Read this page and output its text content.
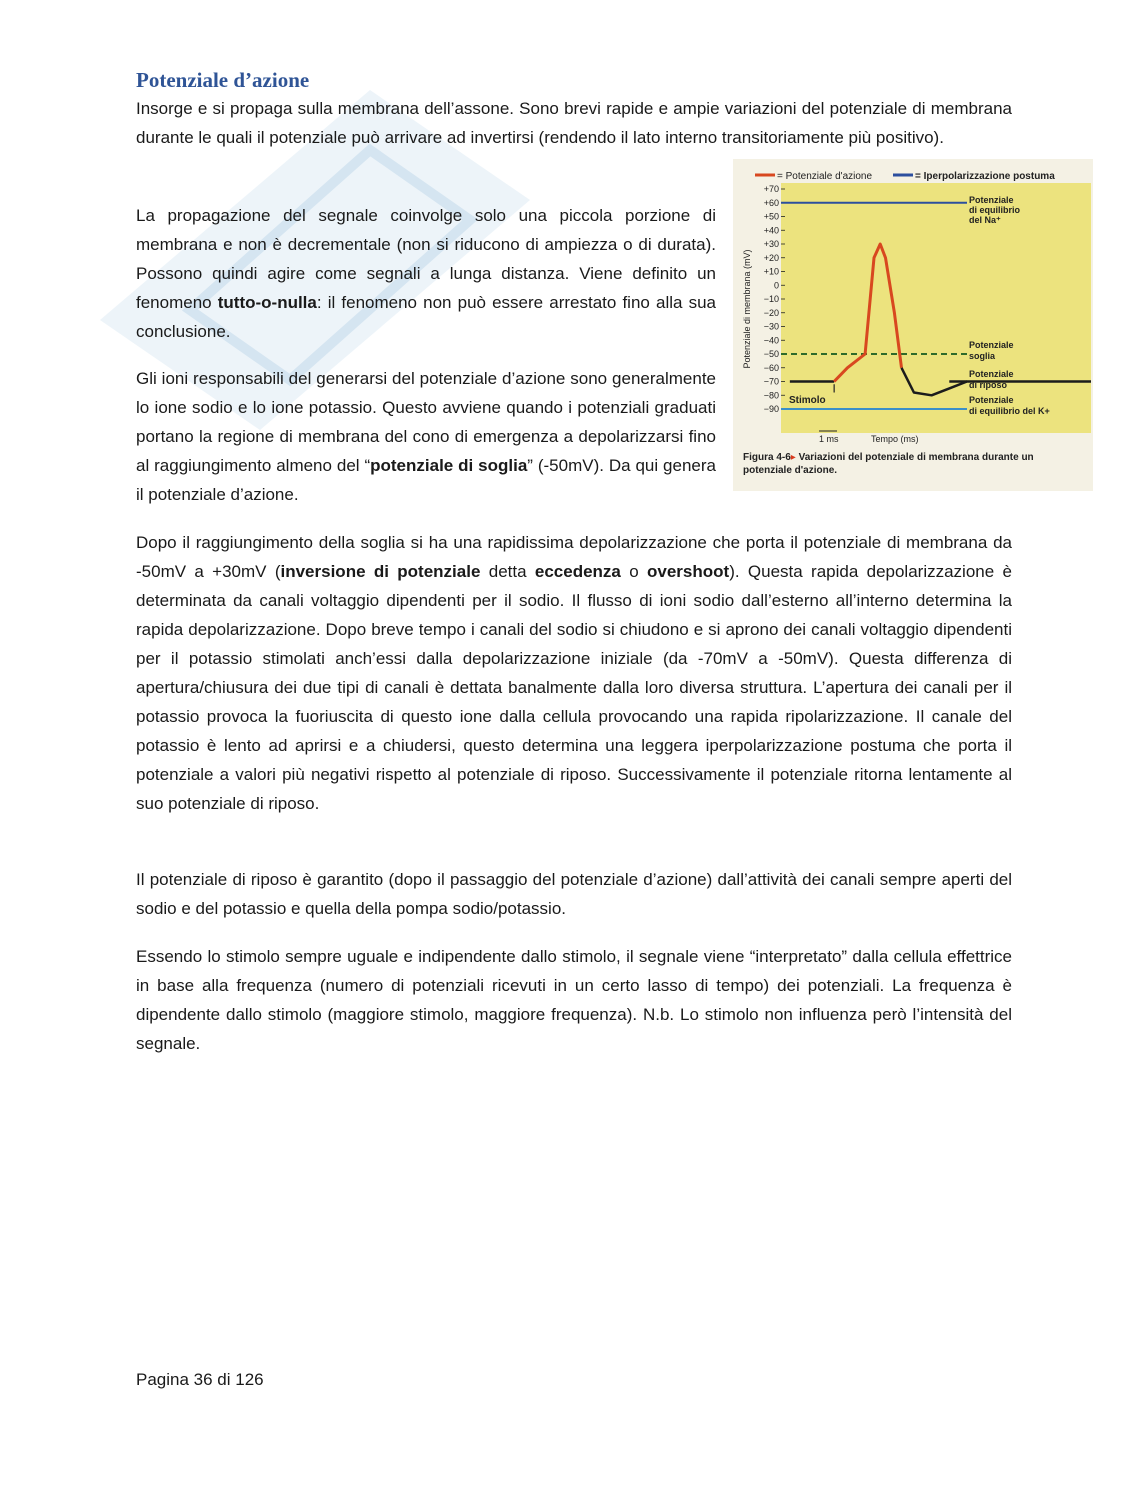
Potenziale d’azione

Insorge e si propaga sulla membrana dell’assone. Sono brevi rapide e ampie variazioni del potenziale di membrana durante le quali il potenziale può arrivare ad invertirsi (rendendo il lato interno transitoriamente più positivo).

La propagazione del segnale coinvolge solo una piccola porzione di membrana e non è decrementale (non si riducono di ampiezza o di durata). Possono quindi agire come segnali a lunga distanza. Viene definito un fenomeno tutto-o-nulla: il fenomeno non può essere arrestato fino alla sua conclusione.

Gli ioni responsabili del generarsi del potenziale d’azione sono generalmente lo ione sodio e lo ione potassio. Questo avviene quando i potenziali graduati portano la regione di membrana del cono di emergenza a depolarizzarsi fino al raggiungimento almeno del “potenziale di soglia” (-50mV). Da qui genera il potenziale d’azione.

Dopo il raggiungimento della soglia si ha una rapidissima depolarizzazione che porta il potenziale di membrana da -50mV a +30mV (inversione di potenziale detta eccedenza o overshoot). Questa rapida depolarizzazione è determinata da canali voltaggio dipendenti per il sodio. Il flusso di ioni sodio dall’esterno all’interno determina la rapida depolarizzazione. Dopo breve tempo i canali del sodio si chiudono e si aprono dei canali voltaggio dipendenti per il potassio stimolati anch’essi dalla depolarizzazione iniziale (da -70mV a -50mV). Questa differenza di apertura/chiusura dei due tipi di canali è dettata banalmente dalla loro diversa struttura. L’apertura dei canali per il potassio provoca la fuoriuscita di questo ione dalla cellula provocando una rapida ripolarizzazione. Il canale del potassio è lento ad aprirsi e a chiudersi, questo determina una leggera iperpolarizzazione postuma che porta il potenziale a valori più negativi rispetto al potenziale di riposo. Successivamente il potenziale ritorna lentamente al suo potenziale di riposo.

Il potenziale di riposo è garantito (dopo il passaggio del potenziale d’azione) dall’attività dei canali sempre aperti del sodio e del potassio e quella della pompa sodio/potassio.

Essendo lo stimolo sempre uguale e indipendente dallo stimolo, il segnale viene “interpretato” dalla cellula effettrice in base alla frequenza (numero di potenziali ricevuti in un certo lasso di tempo) dei potenziali. La frequenza è dipendente dallo stimolo (maggiore stimolo, maggiore frequenza). N.b. Lo stimolo non influenza però l’intensità del segnale.

Pagina 36 di 126
= Potenziale d'azione	= Iperpolarizzazione postuma
Potenziale di membrana (mV)
+70
+60
+50
+40
+30
+20
+10
0
−10
−20
−30
−40
−50
−60
−70
−80
−90
Potenziale
di equilibrio
del Na⁺
Potenziale
soglia
Potenziale
di riposo
Potenziale
di equilibrio del K+
Stimolo
1 ms	Tempo (ms)
Figura 4-6▸ Variazioni del potenziale di membrana durante un potenziale d'azione.
